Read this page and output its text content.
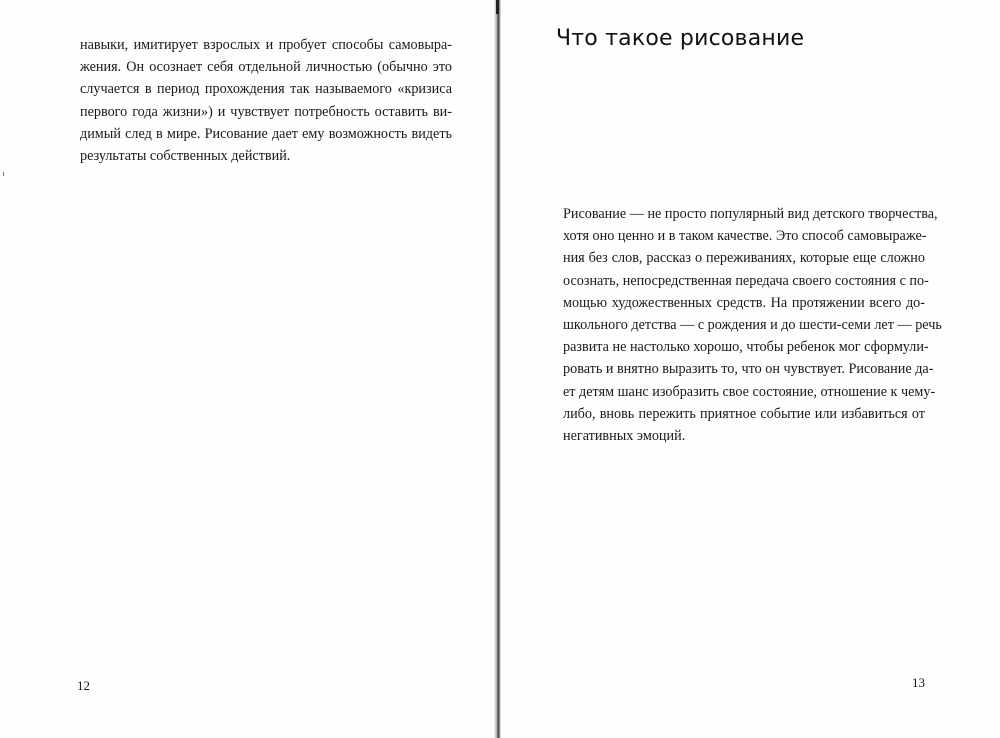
навыки, имитирует взрослых и пробует способы самовыра-
жения. Он осознает себя отдельной личностью (обычно это
случается в период прохождения так называемого «кризиса
первого года жизни») и чувствует потребность оставить ви-
димый след в мире. Рисование дает ему возможность видеть
результаты собственных действий.
12
Что такое рисование
Рисование — не просто популярный вид детского творчества,
хотя оно ценно и в таком качестве. Это способ самовыраже-
ния без слов, рассказ о переживаниях, которые еще сложно
осознать, непосредственная передача своего состояния с по-
мощью художественных средств. На протяжении всего до-
школьного детства — с рождения и до шести-семи лет — речь
развита не настолько хорошо, чтобы ребенок мог сформули-
ровать и внятно выразить то, что он чувствует. Рисование да-
ет детям шанс изобразить свое состояние, отношение к чему-
либо, вновь пережить приятное событие или избавиться от
негативных эмоций.
13
